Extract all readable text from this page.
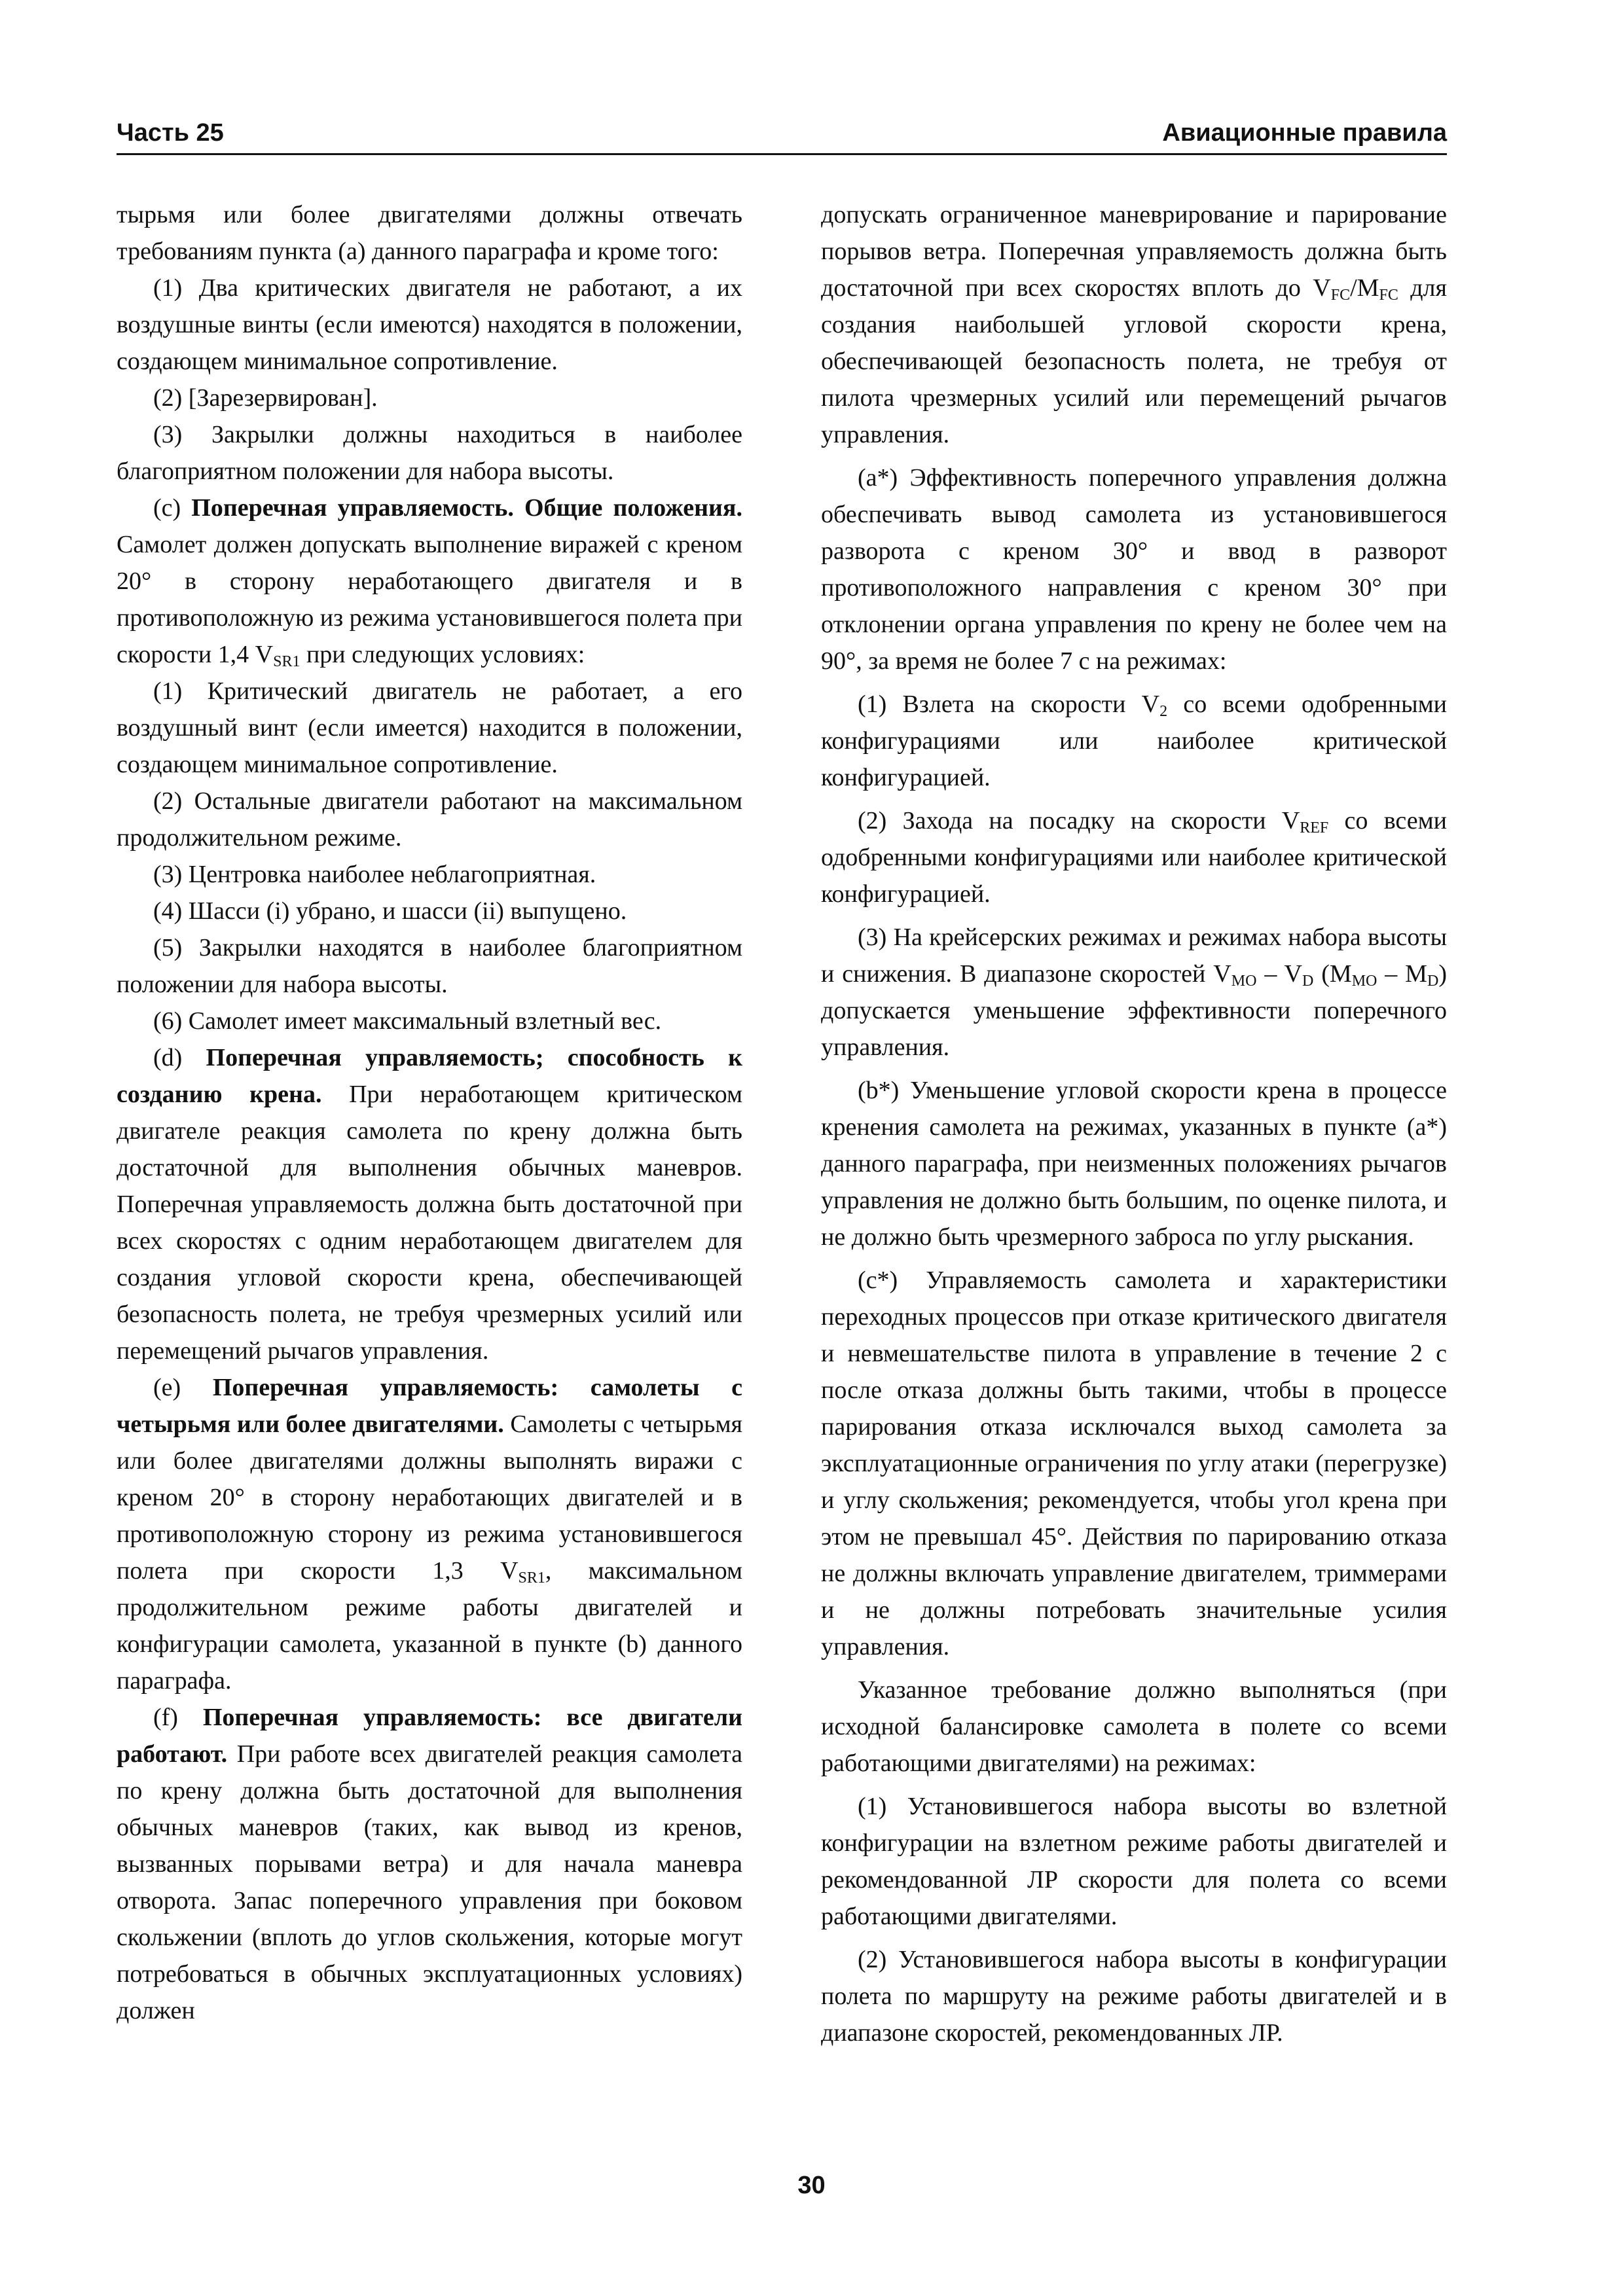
Часть 25	Авиационные правила

тырьмя или более двигателями должны отвечать требованиям пункта (а) данного параграфа и кроме того:

(1) Два критических двигателя не работают, а их воздушные винты (если имеются) находятся в положении, создающем минимальное сопротивление.

(2) [Зарезервирован].

(3) Закрылки должны находиться в наиболее благоприятном положении для набора высоты.

(с) Поперечная управляемость. Общие положения. Самолет должен допускать выполнение виражей с креном 20° в сторону неработающего двигателя и в противоположную из режима установившегося полета при скорости 1,4 $V_{SR1}$ при следующих условиях:

(1) Критический двигатель не работает, а его воздушный винт (если имеется) находится в положении, создающем минимальное сопротивление.

(2) Остальные двигатели работают на максимальном продолжительном режиме.

(3) Центровка наиболее неблагоприятная.

(4) Шасси (i) убрано, и шасси (ii) выпущено.

(5) Закрылки находятся в наиболее благоприятном положении для набора высоты.

(6) Самолет имеет максимальный взлетный вес.

(d) Поперечная управляемость; способность к созданию крена. При неработающем критическом двигателе реакция самолета по крену должна быть достаточной для выполнения обычных маневров. Поперечная управляемость должна быть достаточной при всех скоростях с одним неработающем двигателем для создания угловой скорости крена, обеспечивающей безопасность полета, не требуя чрезмерных усилий или перемещений рычагов управления.

(е) Поперечная управляемость: самолеты с четырьмя или более двигателями. Самолеты с четырьмя или более двигателями должны выполнять виражи с креном 20° в сторону неработающих двигателей и в противоположную сторону из режима установившегося полета при скорости 1,3 $V_{SR1}$, максимальном продолжительном режиме работы двигателей и конфигурации самолета, указанной в пункте (b) данного параграфа.

(f) Поперечная управляемость: все двигатели работают. При работе всех двигателей реакция самолета по крену должна быть достаточной для выполнения обычных маневров (таких, как вывод из кренов, вызванных порывами ветра) и для начала маневра отворота. Запас поперечного управления при боковом скольжении (вплоть до углов скольжения, которые могут потребоваться в обычных эксплуатационных условиях) должен

допускать ограниченное маневрирование и парирование порывов ветра. Поперечная управляемость должна быть достаточной при всех скоростях вплоть до $V_{FC}/M_{FC}$ для создания наибольшей угловой скорости крена, обеспечивающей безопасность полета, не требуя от пилота чрезмерных усилий или перемещений рычагов управления.

(а*) Эффективность поперечного управления должна обеспечивать вывод самолета из установившегося разворота с креном 30° и ввод в разворот противоположного направления с креном 30° при отклонении органа управления по крену не более чем на 90°, за время не более 7 с на режимах:

(1) Взлета на скорости $V_2$ со всеми одобренными конфигурациями или наиболее критической конфигурацией.

(2) Захода на посадку на скорости $V_{REF}$ со всеми одобренными конфигурациями или наиболее критической конфигурацией.

(3) На крейсерских режимах и режимах набора высоты и снижения. В диапазоне скоростей $V_{MO} - V_D$ $(M_{MO} - M_D)$ допускается уменьшение эффективности поперечного управления.

(b*) Уменьшение угловой скорости крена в процессе кренения самолета на режимах, указанных в пункте (а*) данного параграфа, при неизменных положениях рычагов управления не должно быть большим, по оценке пилота, и не должно быть чрезмерного заброса по углу рыскания.

(с*) Управляемость самолета и характеристики переходных процессов при отказе критического двигателя и невмешательстве пилота в управление в течение 2 с после отказа должны быть такими, чтобы в процессе парирования отказа исключался выход самолета за эксплуатационные ограничения по углу атаки (перегрузке) и углу скольжения; рекомендуется, чтобы угол крена при этом не превышал 45°. Действия по парированию отказа не должны включать управление двигателем, триммерами и не должны потребовать значительные усилия управления.

Указанное требование должно выполняться (при исходной балансировке самолета в полете со всеми работающими двигателями) на режимах:

(1) Установившегося набора высоты во взлетной конфигурации на взлетном режиме работы двигателей и рекомендованной ЛР скорости для полета со всеми работающими двигателями.

(2) Установившегося набора высоты в конфигурации полета по маршруту на режиме работы двигателей и в диапазоне скоростей, рекомендованных ЛР.

30
